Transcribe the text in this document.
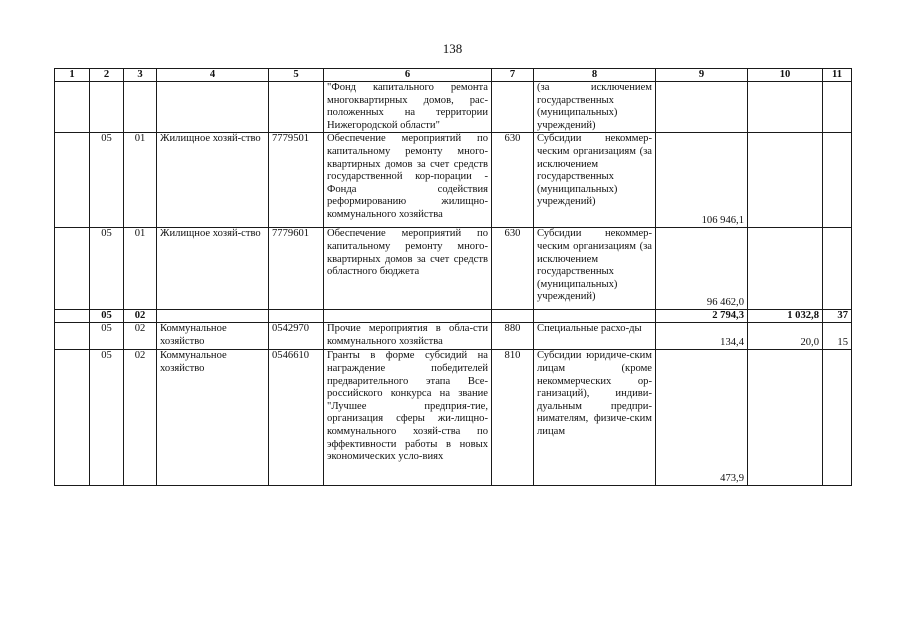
138
1	2	3	4	5	6	7	8	9	10	11
					"Фонд капитального ремонта многоквартирных домов, рас-положенных на территории Нижегородской области"		(за исключением государственных (муниципальных) учреждений)			
	05	01	Жилищное хозяй-ство	7779501	Обеспечение мероприятий по капитальному ремонту много-квартирных домов за счет средств государственной кор-порации - Фонда содействия реформированию жилищно-коммунального хозяйства	630	Субсидии некоммер-ческим организациям (за исключением государственных (муниципальных) учреждений)	106 946,1		
	05	01	Жилищное хозяй-ство	7779601	Обеспечение мероприятий по капитальному ремонту много-квартирных домов за счет средств областного бюджета	630	Субсидии некоммер-ческим организациям (за исключением государственных (муниципальных) учреждений)	96 462,0		
	05	02						2 794,3	1 032,8	37
	05	02	Коммунальное хозяйство	0542970	Прочие мероприятия в обла-сти коммунального хозяйства	880	Специальные расхо-ды	134,4	20,0	15
	05	02	Коммунальное хозяйство	0546610	Гранты в форме субсидий на награждение победителей предварительного этапа Все-российского конкурса на звание "Лучшее предприя-тие, организация сферы жи-лищно-коммунального хозяй-ства по эффективности работы в новых экономических усло-виях	810	Субсидии юридиче-ским лицам (кроме некоммерческих ор-ганизаций), индиви-дуальным предпри-нимателям, физиче-ским лицам	473,9		
